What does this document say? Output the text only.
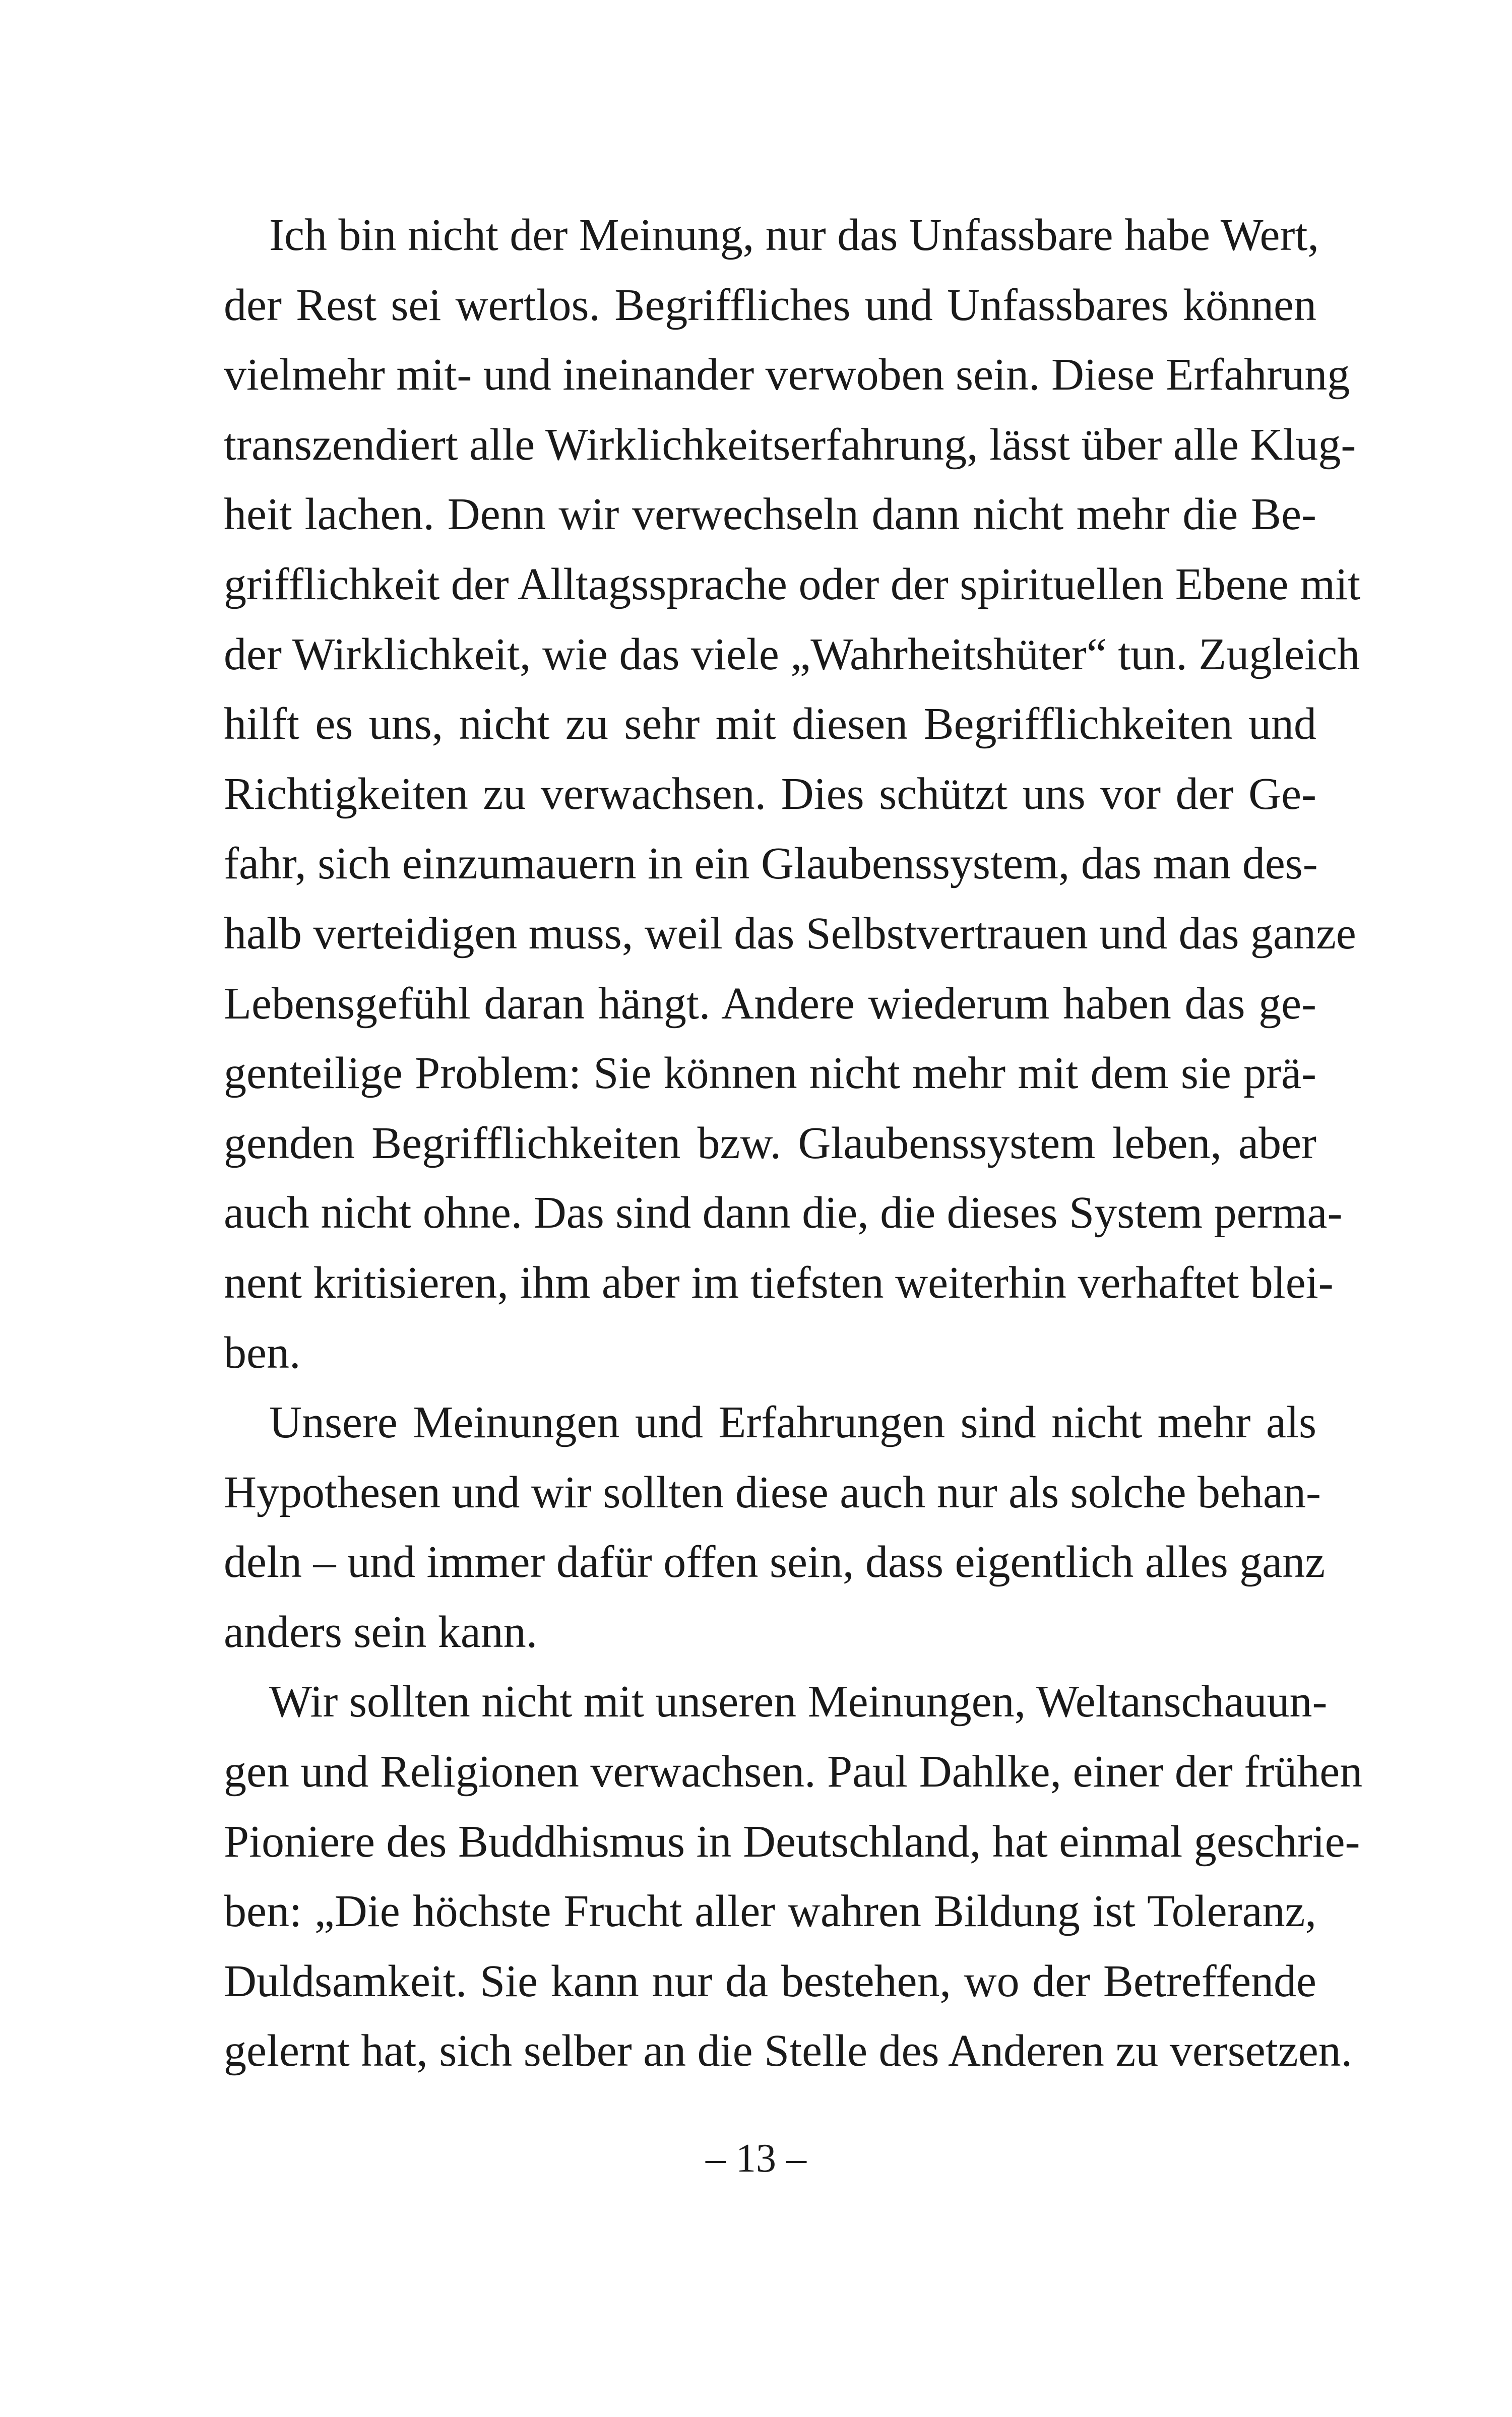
Ich bin nicht der Meinung, nur das Unfassbare habe Wert,
der Rest sei wertlos. Begriffliches und Unfassbares können
vielmehr mit- und ineinander verwoben sein. Diese Erfahrung
transzendiert alle Wirklichkeitserfahrung, lässt über alle Klug-
heit lachen. Denn wir verwechseln dann nicht mehr die Be-
grifflichkeit der Alltagssprache oder der spirituellen Ebene mit
der Wirklichkeit, wie das viele „Wahrheitshüter“ tun. Zugleich
hilft es uns, nicht zu sehr mit diesen Begrifflichkeiten und
Richtigkeiten zu verwachsen. Dies schützt uns vor der Ge-
fahr, sich einzumauern in ein Glaubenssystem, das man des-
halb verteidigen muss, weil das Selbstvertrauen und das ganze
Lebensgefühl daran hängt. Andere wiederum haben das ge-
genteilige Problem: Sie können nicht mehr mit dem sie prä-
genden Begrifflichkeiten bzw. Glaubenssystem leben, aber
auch nicht ohne. Das sind dann die, die dieses System perma-
nent kritisieren, ihm aber im tiefsten weiterhin verhaftet blei-
ben.
Unsere Meinungen und Erfahrungen sind nicht mehr als
Hypothesen und wir sollten diese auch nur als solche behan-
deln – und immer dafür offen sein, dass eigentlich alles ganz
anders sein kann.
Wir sollten nicht mit unseren Meinungen, Weltanschauun-
gen und Religionen verwachsen. Paul Dahlke, einer der frühen
Pioniere des Buddhismus in Deutschland, hat einmal geschrie-
ben: „Die höchste Frucht aller wahren Bildung ist Toleranz,
Duldsamkeit. Sie kann nur da bestehen, wo der Betreffende
gelernt hat, sich selber an die Stelle des Anderen zu versetzen.
– 13 –
